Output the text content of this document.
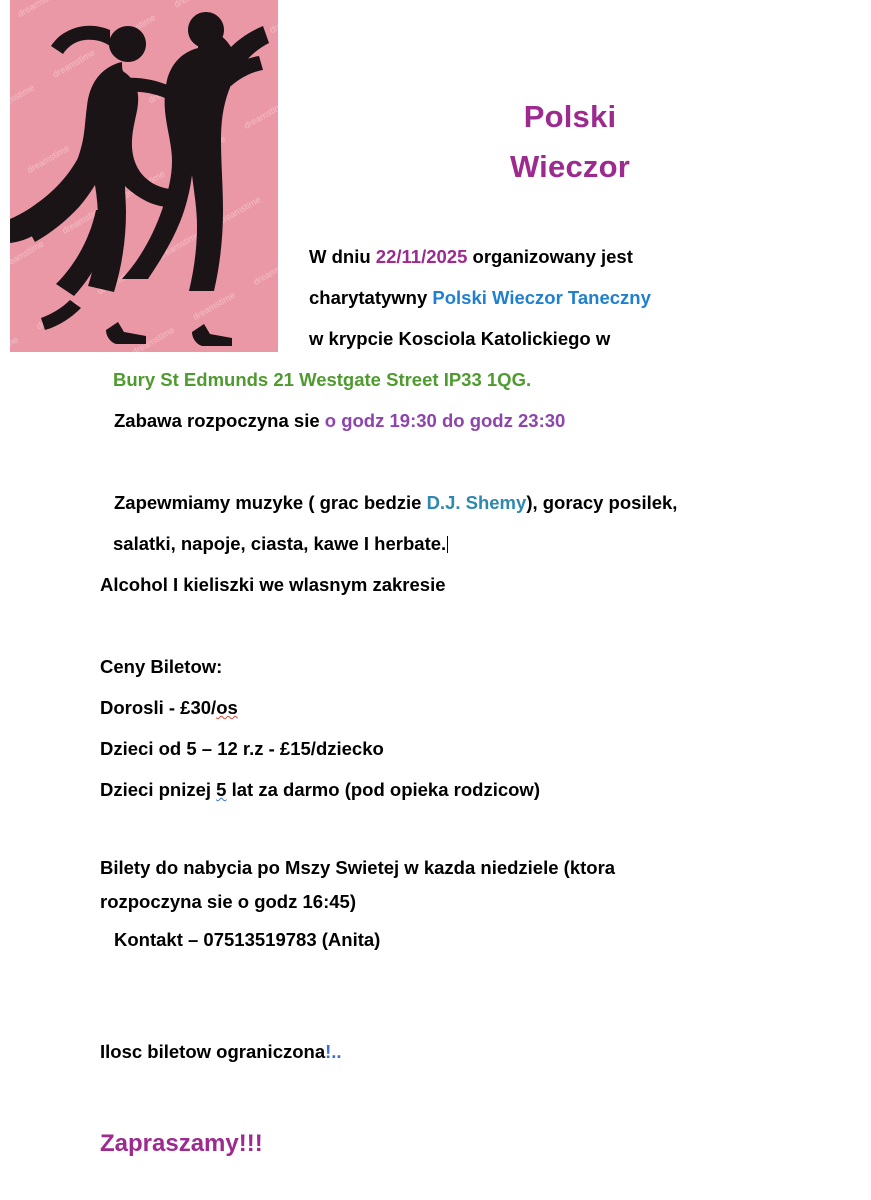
Polski
Wieczor

W dniu 22/11/2025 organizowany jest

charytatywny Polski Wieczor Taneczny

w krypcie Kosciola Katolickiego w

Bury St Edmunds 21 Westgate Street IP33 1QG.

Zabawa rozpoczyna sie o godz 19:30 do godz 23:30

Zapewmiamy muzyke ( grac bedzie D.J. Shemy), goracy posilek,

salatki, napoje, ciasta, kawe I herbate.

Alcohol I kieliszki we wlasnym zakresie

Ceny Biletow:

Dorosli - £30/os

Dzieci od 5 – 12 r.z - £15/dziecko

Dzieci pnizej 5 lat za darmo (pod opieka rodzicow)

Bilety do nabycia po Mszy Swietej w kazda niedziele (ktora

rozpoczyna sie o godz 16:45)

Kontakt – 07513519783 (Anita)

Ilosc biletow ograniczona!..

Zapraszamy!!!
